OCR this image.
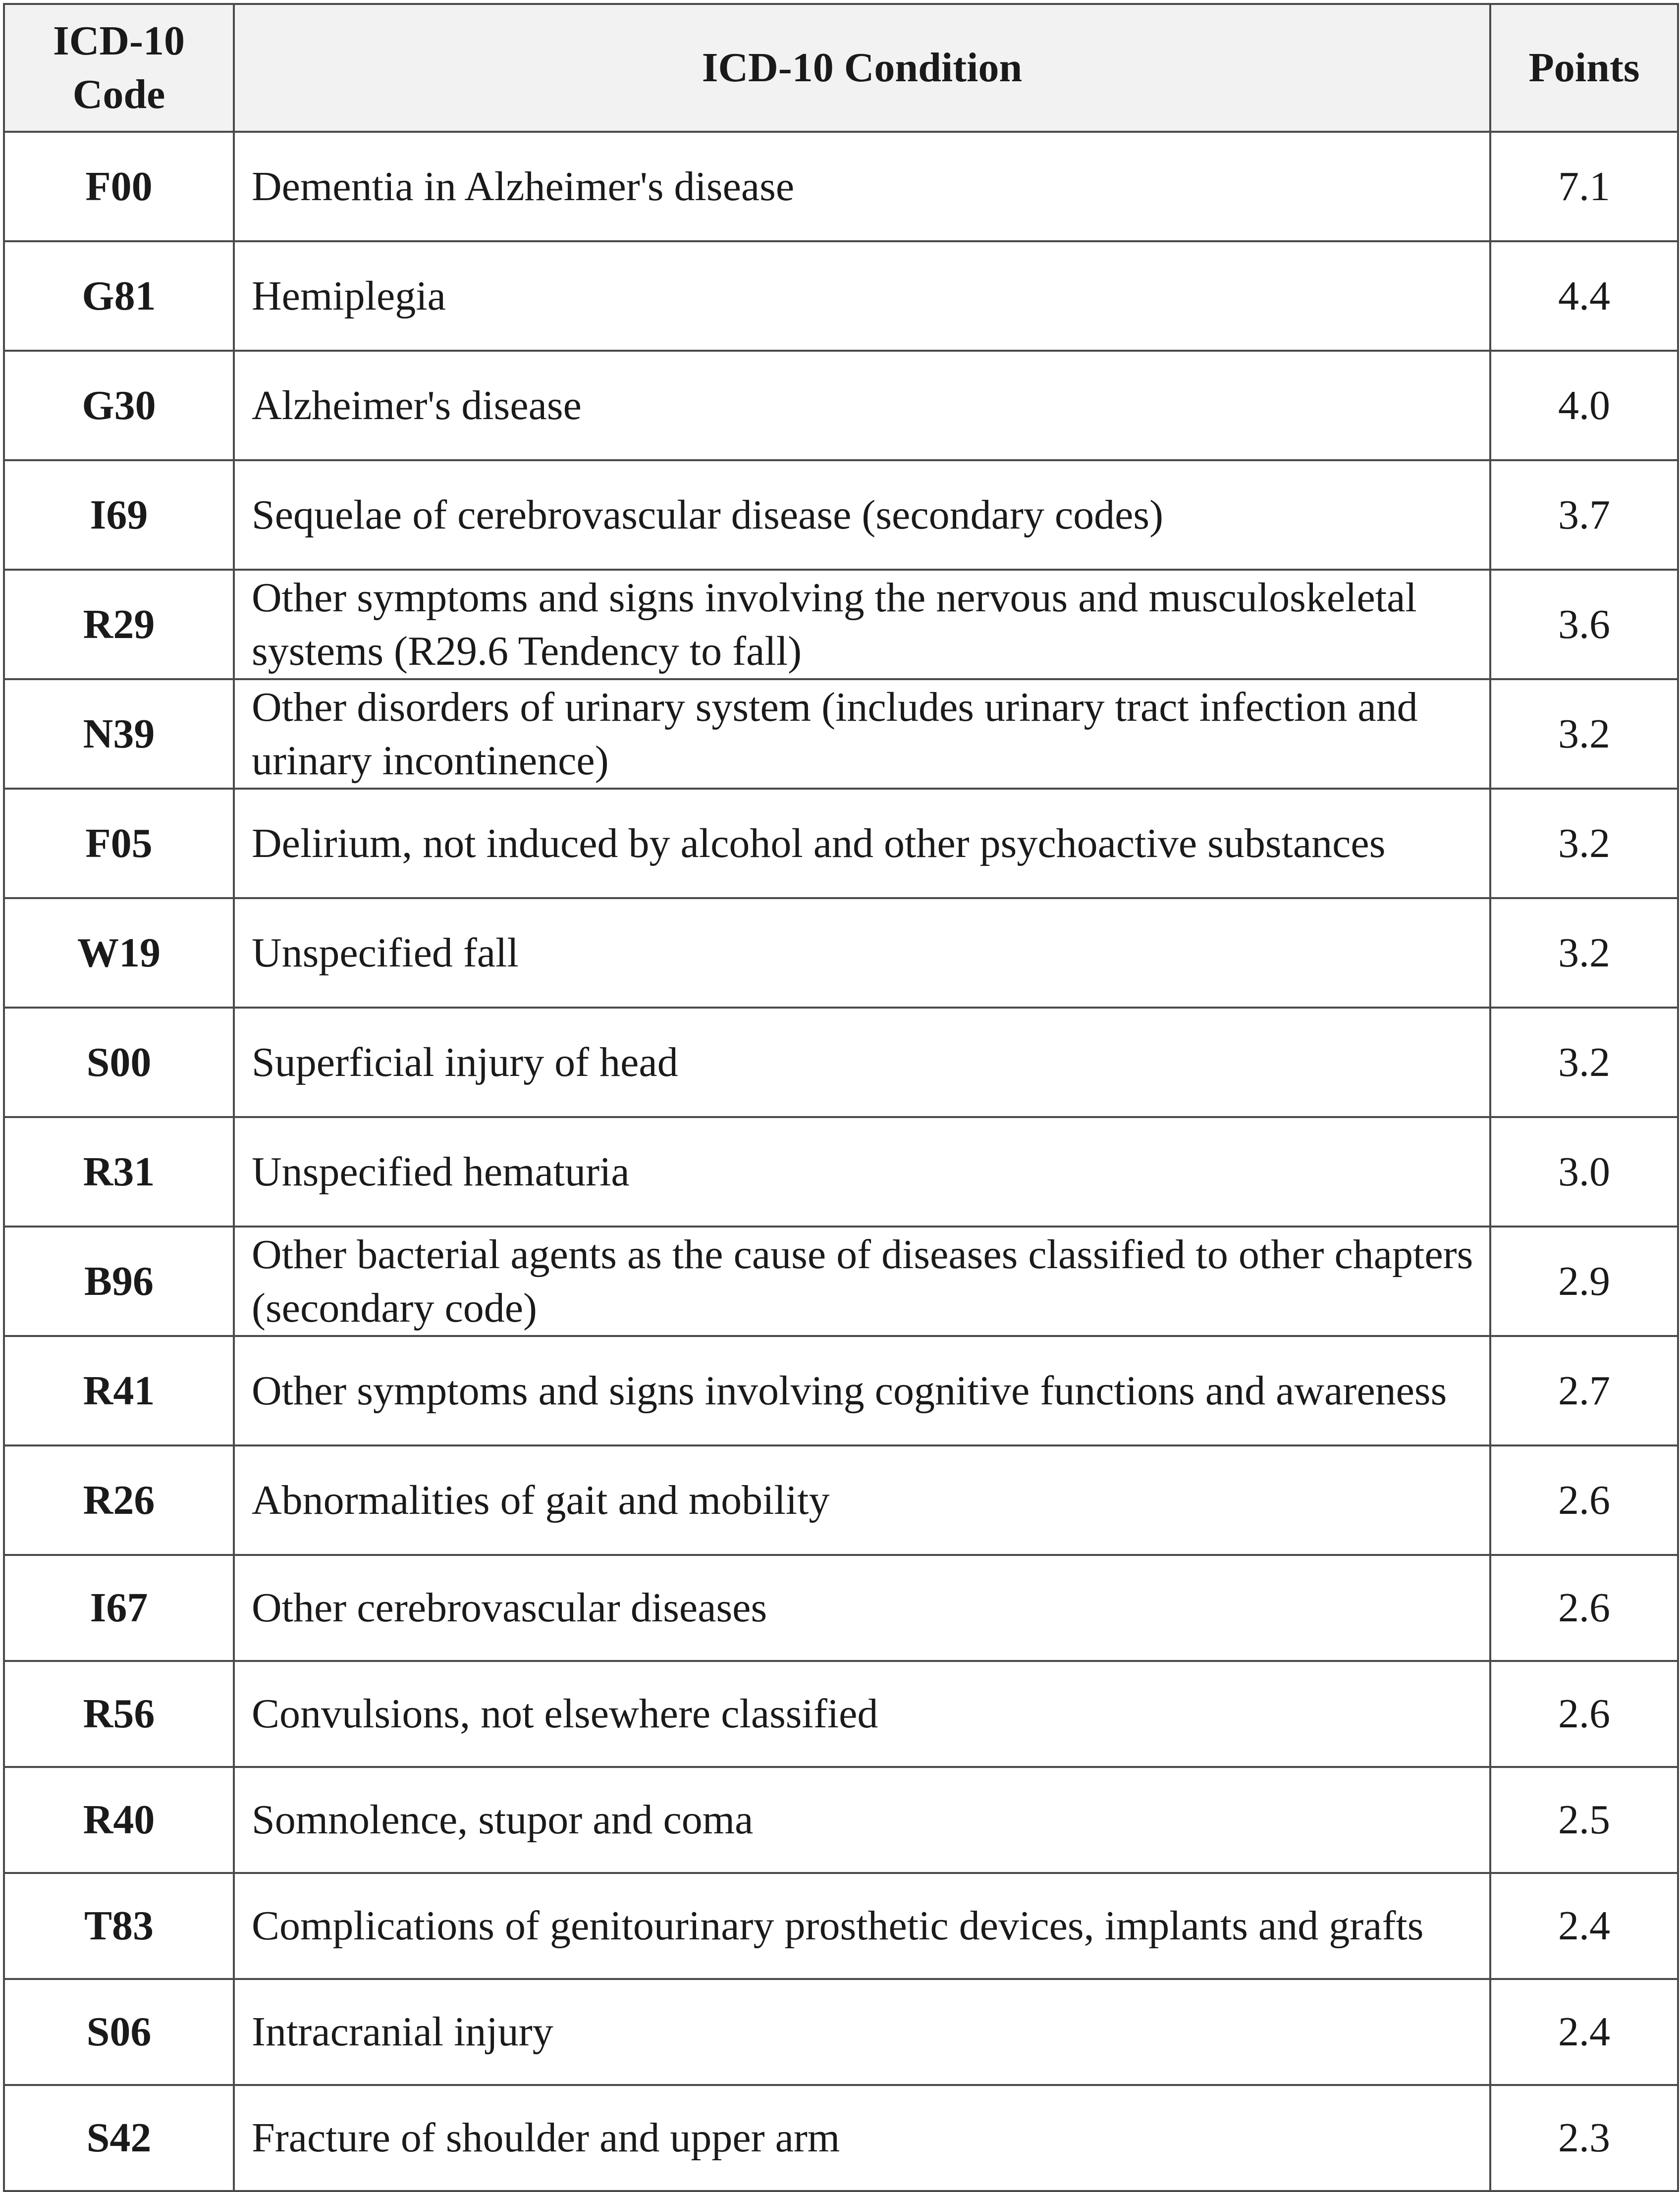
ICD-10 Code	ICD-10 Condition	Points
F00	Dementia in Alzheimer's disease	7.1
G81	Hemiplegia	4.4
G30	Alzheimer's disease	4.0
I69	Sequelae of cerebrovascular disease (secondary codes)	3.7
R29	Other symptoms and signs involving the nervous and musculoskeletal systems (R29.6 Tendency to fall)	3.6
N39	Other disorders of urinary system (includes urinary tract infection and urinary incontinence)	3.2
F05	Delirium, not induced by alcohol and other psychoactive substances	3.2
W19	Unspecified fall	3.2
S00	Superficial injury of head	3.2
R31	Unspecified hematuria	3.0
B96	Other bacterial agents as the cause of diseases classified to other chapters (secondary code)	2.9
R41	Other symptoms and signs involving cognitive functions and awareness	2.7
R26	Abnormalities of gait and mobility	2.6
I67	Other cerebrovascular diseases	2.6
R56	Convulsions, not elsewhere classified	2.6
R40	Somnolence, stupor and coma	2.5
T83	Complications of genitourinary prosthetic devices, implants and grafts	2.4
S06	Intracranial injury	2.4
S42	Fracture of shoulder and upper arm	2.3
